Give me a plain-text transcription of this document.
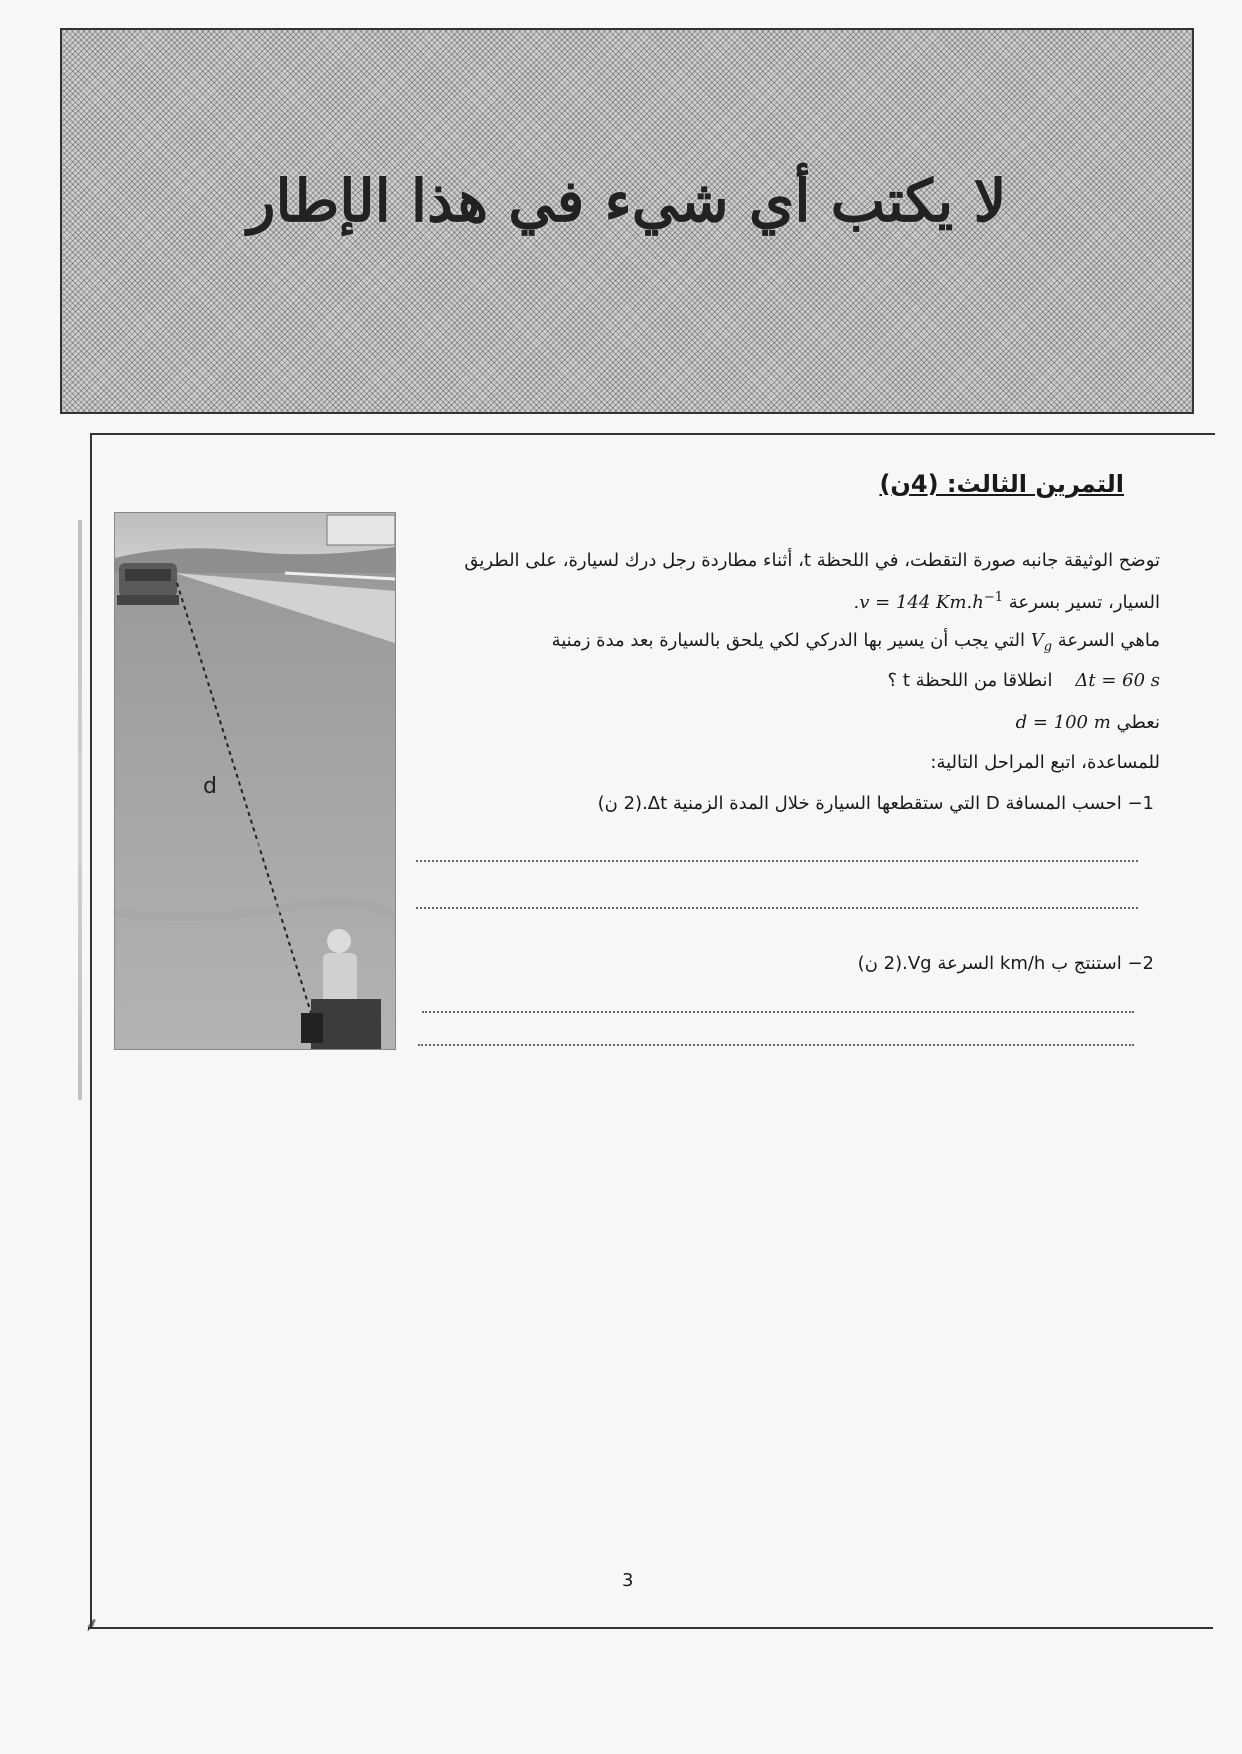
لا يكتب أي شيء في هذا الإطار
التمرين الثالث: (4ن)
توضح الوثيقة جانبه صورة التقطت، في اللحظة t، أثناء مطاردة رجل درك لسيارة، على الطريق
السيار، تسير بسرعة .v = 144 $Km.h^{-1}$
ماهي السرعة $V_g$ التي يجب أن يسير بها الدركي لكي يلحق بالسيارة بعد مدة زمنية
Δt = 60 s    انطلاقا من اللحظة t ؟
نعطي d = 100 m
للمساعدة، اتبع المراحل التالية:
1− احسب المسافة D التي ستقطعها السيارة خلال المدة الزمنية Δt.(2 ن)
2− استنتج ب km/h السرعة Vg.(2 ن)
d
3
⸙
